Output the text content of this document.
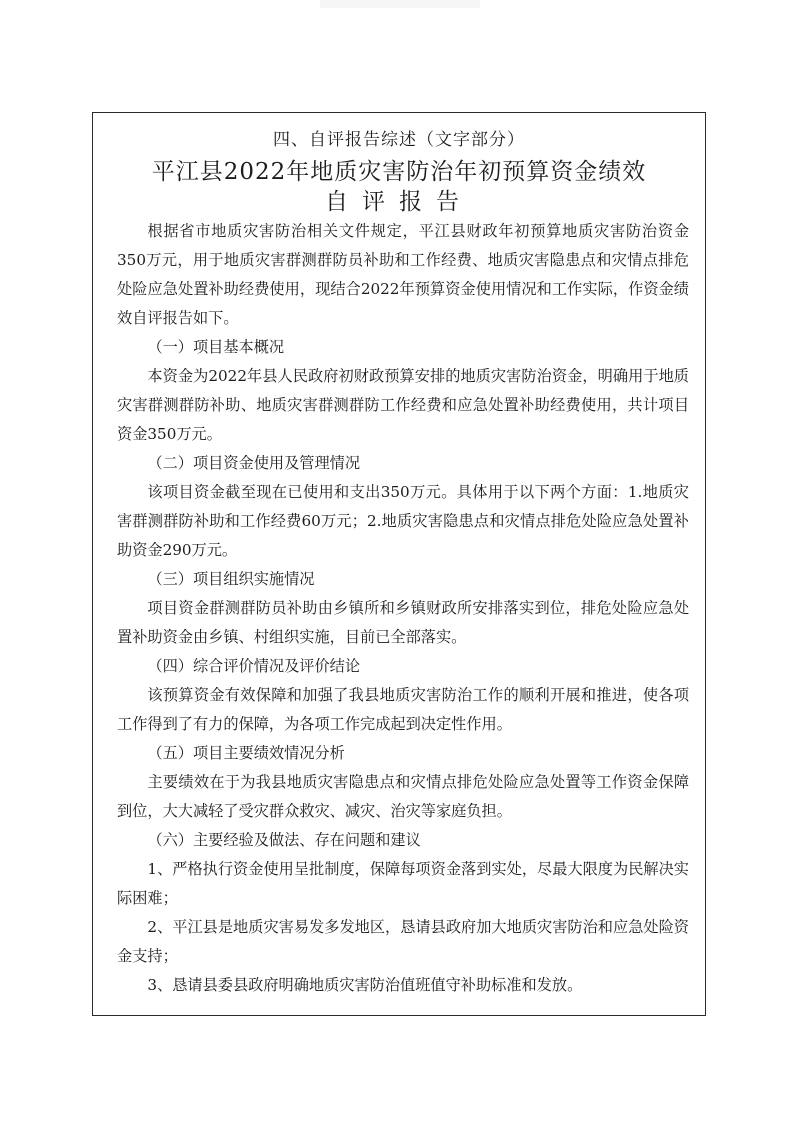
四、自评报告综述（文字部分）
平江县2022年地质灾害防治年初预算资金绩效
自评报告

根据省市地质灾害防治相关文件规定，平江县财政年初预算地质灾害防治资金350万元，用于地质灾害群测群防员补助和工作经费、地质灾害隐患点和灾情点排危处险应急处置补助经费使用，现结合2022年预算资金使用情况和工作实际，作资金绩效自评报告如下。

（一）项目基本概况

本资金为2022年县人民政府初财政预算安排的地质灾害防治资金，明确用于地质灾害群测群防补助、地质灾害群测群防工作经费和应急处置补助经费使用，共计项目资金350万元。

（二）项目资金使用及管理情况

该项目资金截至现在已使用和支出350万元。具体用于以下两个方面：1.地质灾害群测群防补助和工作经费60万元；2.地质灾害隐患点和灾情点排危处险应急处置补助资金290万元。

（三）项目组织实施情况

项目资金群测群防员补助由乡镇所和乡镇财政所安排落实到位，排危处险应急处置补助资金由乡镇、村组织实施，目前已全部落实。

（四）综合评价情况及评价结论

该预算资金有效保障和加强了我县地质灾害防治工作的顺利开展和推进，使各项工作得到了有力的保障，为各项工作完成起到决定性作用。

（五）项目主要绩效情况分析

主要绩效在于为我县地质灾害隐患点和灾情点排危处险应急处置等工作资金保障到位，大大减轻了受灾群众救灾、减灾、治灾等家庭负担。

（六）主要经验及做法、存在问题和建议

1、严格执行资金使用呈批制度，保障每项资金落到实处，尽最大限度为民解决实际困难；

2、平江县是地质灾害易发多发地区，恳请县政府加大地质灾害防治和应急处险资金支持；

3、恳请县委县政府明确地质灾害防治值班值守补助标准和发放。
